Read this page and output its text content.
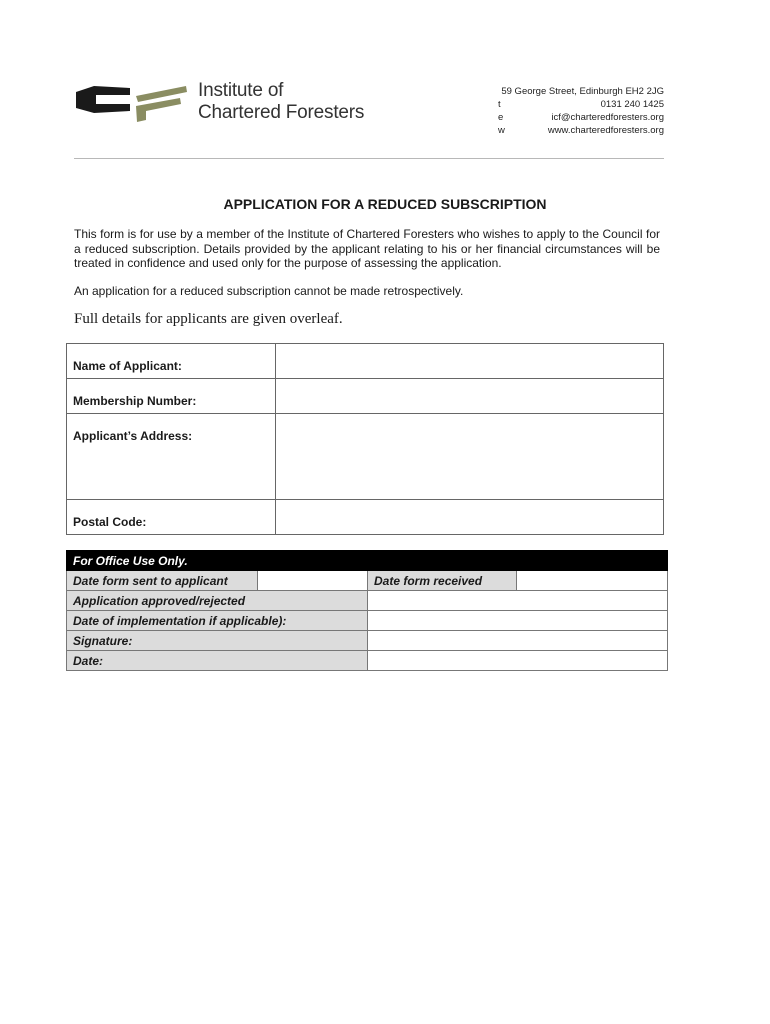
Institute of
Chartered Foresters
59 George Street, Edinburgh EH2 2JG
t	0131 240 1425
e	icf@charteredforesters.org
w	www.charteredforesters.org
APPLICATION FOR A REDUCED SUBSCRIPTION
This form is for use by a member of the Institute of Chartered Foresters who wishes to apply to the Council for a reduced subscription. Details provided by the applicant relating to his or her financial circumstances will be treated in confidence and used only for the purpose of assessing the application.
An application for a reduced subscription cannot be made retrospectively.
Full details for applicants are given overleaf.
Name of Applicant:	
Membership Number:	
Applicant’s Address:	
Postal Code:	
For Office Use Only.			
Date form sent to applicant		Date form received	
Application approved/rejected			
Date of implementation if applicable):			
Signature:			
Date:			
